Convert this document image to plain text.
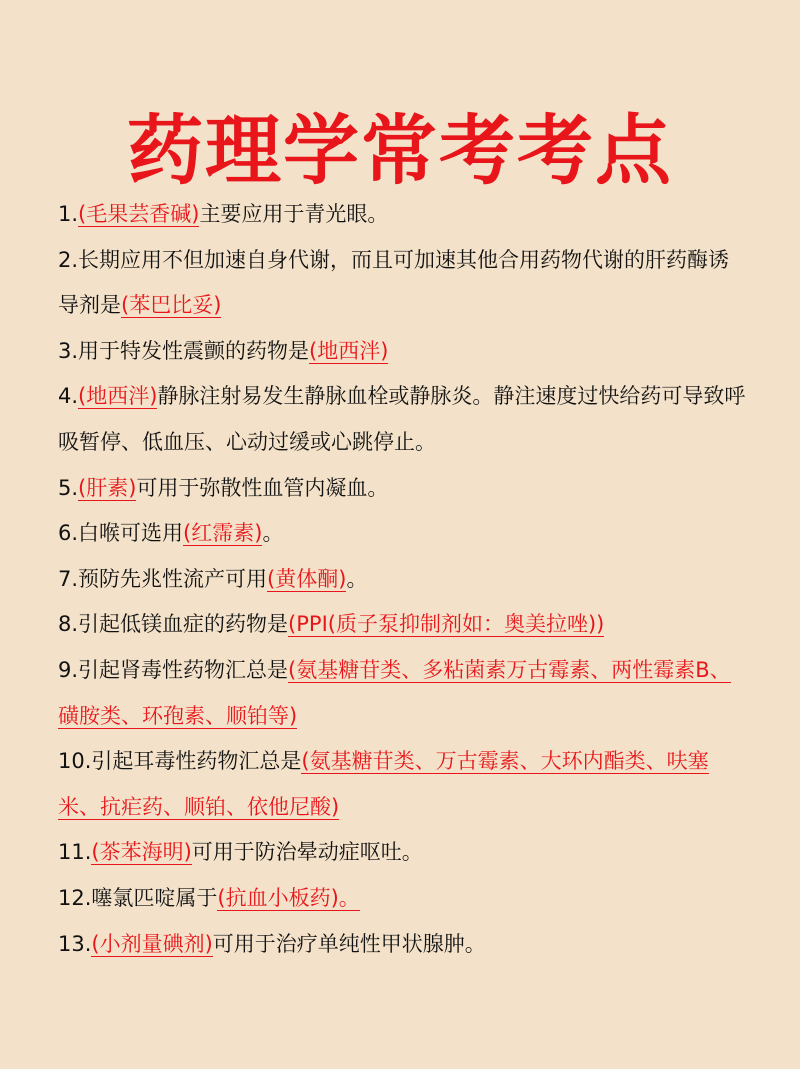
药理学常考考点

1.(毛果芸香碱)主要应用于青光眼。

2.长期应用不但加速自身代谢，而且可加速其他合用药物代谢的肝药酶诱导剂是(苯巴比妥)

3.用于特发性震颤的药物是(地西泮)

4.(地西泮)静脉注射易发生静脉血栓或静脉炎。静注速度过快给药可导致呼吸暂停、低血压、心动过缓或心跳停止。

5.(肝素)可用于弥散性血管内凝血。

6.白喉可选用(红霈素)。

7.预防先兆性流产可用(黄体酮)。

8.引起低镁血症的药物是(PPI(质子泵抑制剂如：奥美拉唑))

9.引起肾毒性药物汇总是(氨基糖苷类、多粘菌素万古霉素、两性霉素B、磺胺类、环孢素、顺铂等)

10.引起耳毒性药物汇总是(氨基糖苷类、万古霉素、大环内酯类、呋塞米、抗疟药、顺铂、依他尼酸)

11.(茶苯海明)可用于防治晕动症呕吐。

12.噻氯匹啶属于(抗血小板药)。

13.(小剂量碘剂)可用于治疗单纯性甲状腺肿。
